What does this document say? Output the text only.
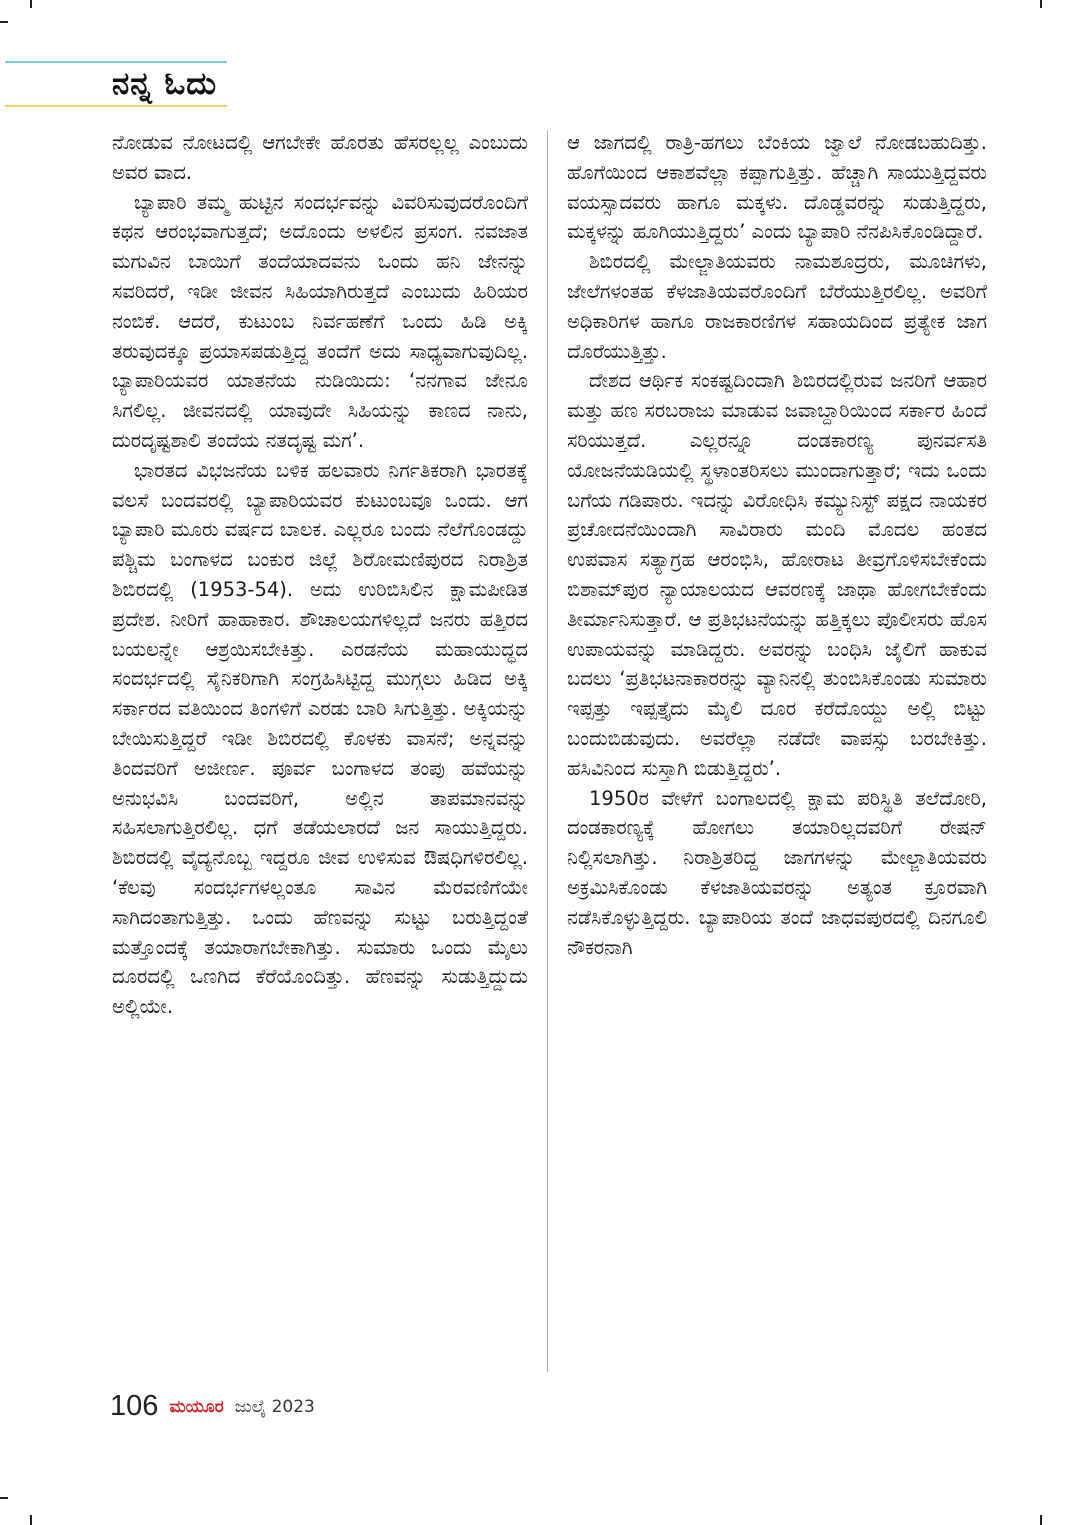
ನನ್ನ ಓದು

ನೋಡುವ ನೋಟದಲ್ಲಿ ಆಗಬೇಕೇ ಹೊರತು ಹೆಸರಲ್ಲಲ್ಲ ಎಂಬುದು ಅವರ ವಾದ.

ಬ್ಯಾಪಾರಿ ತಮ್ಮ ಹುಟ್ಟಿನ ಸಂದರ್ಭವನ್ನು ವಿವರಿಸುವುದರೊಂದಿಗೆ ಕಥನ ಆರಂಭವಾಗುತ್ತದೆ; ಅದೊಂದು ಅಳಲಿನ ಪ್ರಸಂಗ. ನವಜಾತ ಮಗುವಿನ ಬಾಯಿಗೆ ತಂದೆಯಾದವನು ಒಂದು ಹನಿ ಜೇನನ್ನು ಸವರಿದರೆ, ಇಡೀ ಜೀವನ ಸಿಹಿಯಾಗಿರುತ್ತದೆ ಎಂಬುದು ಹಿರಿಯರ ನಂಬಿಕೆ. ಆದರೆ, ಕುಟುಂಬ ನಿರ್ವಹಣೆಗೆ ಒಂದು ಹಿಡಿ ಅಕ್ಕಿ ತರುವುದಕ್ಕೂ ಪ್ರಯಾಸಪಡುತ್ತಿದ್ದ ತಂದೆಗೆ ಅದು ಸಾಧ್ಯವಾಗುವುದಿಲ್ಲ. ಬ್ಯಾಪಾರಿಯವರ ಯಾತನೆಯ ನುಡಿಯಿದು: ‘ನನಗಾವ ಜೇನೂ ಸಿಗಲಿಲ್ಲ. ಜೀವನದಲ್ಲಿ ಯಾವುದೇ ಸಿಹಿಯನ್ನು ಕಾಣದ ನಾನು, ದುರದೃಷ್ಟಶಾಲಿ ತಂದೆಯ ನತದೃಷ್ಟ ಮಗ’.

ಭಾರತದ ವಿಭಜನೆಯ ಬಳಿಕ ಹಲವಾರು ನಿರ್ಗತಿಕರಾಗಿ ಭಾರತಕ್ಕೆ ವಲಸೆ ಬಂದವರಲ್ಲಿ ಬ್ಯಾಪಾರಿಯವರ ಕುಟುಂಬವೂ ಒಂದು. ಆಗ ಬ್ಯಾಪಾರಿ ಮೂರು ವರ್ಷದ ಬಾಲಕ. ಎಲ್ಲರೂ ಬಂದು ನೆಲೆಗೊಂಡದ್ದು ಪಶ್ಚಿಮ ಬಂಗಾಳದ ಬಂಕುರ ಜಿಲ್ಲೆ ಶಿರೋಮಣಿಪುರದ ನಿರಾಶ್ರಿತ ಶಿಬಿರದಲ್ಲಿ (1953-54). ಅದು ಉರಿಬಿಸಿಲಿನ ಕ್ಷಾಮಪೀಡಿತ ಪ್ರದೇಶ. ನೀರಿಗೆ ಹಾಹಾಕಾರ. ಶೌಚಾಲಯಗಳಿಲ್ಲದೆ ಜನರು ಹತ್ತಿರದ ಬಯಲನ್ನೇ ಆಶ್ರಯಿಸಬೇಕಿತ್ತು. ಎರಡನೆಯ ಮಹಾಯುದ್ಧದ ಸಂದರ್ಭದಲ್ಲಿ ಸೈನಿಕರಿಗಾಗಿ ಸಂಗ್ರಹಿಸಿಟ್ಟಿದ್ದ ಮುಗ್ಗಲು ಹಿಡಿದ ಅಕ್ಕಿ ಸರ್ಕಾರದ ವತಿಯಿಂದ ತಿಂಗಳಿಗೆ ಎರಡು ಬಾರಿ ಸಿಗುತ್ತಿತ್ತು. ಅಕ್ಕಿಯನ್ನು ಬೇಯಿಸುತ್ತಿದ್ದರೆ ಇಡೀ ಶಿಬಿರದಲ್ಲಿ ಕೊಳಕು ವಾಸನೆ; ಅನ್ನವನ್ನು ತಿಂದವರಿಗೆ ಅಜೀರ್ಣ. ಪೂರ್ವ ಬಂಗಾಳದ ತಂಪು ಹವೆಯನ್ನು ಅನುಭವಿಸಿ ಬಂದವರಿಗೆ, ಅಲ್ಲಿನ ತಾಪಮಾನವನ್ನು ಸಹಿಸಲಾಗುತ್ತಿರಲಿಲ್ಲ. ಧಗೆ ತಡೆಯಲಾರದೆ ಜನ ಸಾಯುತ್ತಿದ್ದರು. ಶಿಬಿರದಲ್ಲಿ ವೈದ್ಯನೊಬ್ಬ ಇದ್ದರೂ ಜೀವ ಉಳಿಸುವ ಔಷಧಿಗಳಿರಲಿಲ್ಲ. ‘ಕೆಲವು ಸಂದರ್ಭಗಳಲ್ಲಂತೂ ಸಾವಿನ ಮೆರವಣಿಗೆಯೇ ಸಾಗಿದಂತಾಗುತ್ತಿತ್ತು. ಒಂದು ಹೆಣವನ್ನು ಸುಟ್ಟು ಬರುತ್ತಿದ್ದಂತೆ ಮತ್ತೊಂದಕ್ಕೆ ತಯಾರಾಗಬೇಕಾಗಿತ್ತು. ಸುಮಾರು ಒಂದು ಮೈಲು ದೂರದಲ್ಲಿ ಒಣಗಿದ ಕೆರೆಯೊಂದಿತ್ತು. ಹೆಣವನ್ನು ಸುಡುತ್ತಿದ್ದುದು ಅಲ್ಲಿಯೇ.

ಆ ಜಾಗದಲ್ಲಿ ರಾತ್ರಿ-ಹಗಲು ಬೆಂಕಿಯ ಜ್ವಾಲೆ ನೋಡಬಹುದಿತ್ತು. ಹೊಗೆಯಿಂದ ಆಕಾಶವೆಲ್ಲಾ ಕಪ್ಪಾಗುತ್ತಿತ್ತು. ಹೆಚ್ಚಾಗಿ ಸಾಯುತ್ತಿದ್ದವರು ವಯಸ್ಸಾದವರು ಹಾಗೂ ಮಕ್ಕಳು. ದೊಡ್ಡವರನ್ನು ಸುಡುತ್ತಿದ್ದರು, ಮಕ್ಕಳನ್ನು ಹೂಗಿಯುತ್ತಿದ್ದರು’ ಎಂದು ಬ್ಯಾಪಾರಿ ನೆನಪಿಸಿಕೊಂಡಿದ್ದಾರೆ.

ಶಿಬಿರದಲ್ಲಿ ಮೇಲ್ಜಾತಿಯವರು ನಾಮಶೂದ್ರರು, ಮೂಚಿಗಳು, ಜೇಲೆಗಳಂತಹ ಕೆಳಜಾತಿಯವರೊಂದಿಗೆ ಬೆರೆಯುತ್ತಿರಲಿಲ್ಲ. ಅವರಿಗೆ ಅಧಿಕಾರಿಗಳ ಹಾಗೂ ರಾಜಕಾರಣಿಗಳ ಸಹಾಯದಿಂದ ಪ್ರತ್ಯೇಕ ಜಾಗ ದೊರೆಯುತ್ತಿತ್ತು.

ದೇಶದ ಆರ್ಥಿಕ ಸಂಕಷ್ಟದಿಂದಾಗಿ ಶಿಬಿರದಲ್ಲಿರುವ ಜನರಿಗೆ ಆಹಾರ ಮತ್ತು ಹಣ ಸರಬರಾಜು ಮಾಡುವ ಜವಾಬ್ದಾರಿಯಿಂದ ಸರ್ಕಾರ ಹಿಂದೆ ಸರಿಯುತ್ತದೆ. ಎಲ್ಲರನ್ನೂ ದಂಡಕಾರಣ್ಯ ಪುನರ್ವಸತಿ ಯೋಜನೆಯಡಿಯಲ್ಲಿ ಸ್ಥಳಾಂತರಿಸಲು ಮುಂದಾಗುತ್ತಾರೆ; ಇದು ಒಂದು ಬಗೆಯ ಗಡಿಪಾರು. ಇದನ್ನು ವಿರೋಧಿಸಿ ಕಮ್ಯುನಿಸ್ಟ್ ಪಕ್ಷದ ನಾಯಕರ ಪ್ರಚೋದನೆಯಿಂದಾಗಿ ಸಾವಿರಾರು ಮಂದಿ ಮೊದಲ ಹಂತದ ಉಪವಾಸ ಸತ್ಯಾಗ್ರಹ ಆರಂಭಿಸಿ, ಹೋರಾಟ ತೀವ್ರಗೊಳಿಸಬೇಕೆಂದು ಬಿಶಾಮ್‌ಪುರ ನ್ಯಾಯಾಲಯದ ಆವರಣಕ್ಕೆ ಜಾಥಾ ಹೋಗಬೇಕೆಂದು ತೀರ್ಮಾನಿಸುತ್ತಾರೆ. ಆ ಪ್ರತಿಭಟನೆಯನ್ನು ಹತ್ತಿಕ್ಕಲು ಪೊಲೀಸರು ಹೊಸ ಉಪಾಯವನ್ನು ಮಾಡಿದ್ದರು. ಅವರನ್ನು ಬಂಧಿಸಿ ಜೈಲಿಗೆ ಹಾಕುವ ಬದಲು ‘ಪ್ರತಿಭಟನಾಕಾರರನ್ನು ವ್ಯಾನಿನಲ್ಲಿ ತುಂಬಿಸಿಕೊಂಡು ಸುಮಾರು ಇಪ್ಪತ್ತು ಇಪ್ಪತ್ತೈದು ಮೈಲಿ ದೂರ ಕರೆದೊಯ್ದು ಅಲ್ಲಿ ಬಿಟ್ಟು ಬಂದುಬಿಡುವುದು. ಅವರೆಲ್ಲಾ ನಡೆದೇ ವಾಪಸ್ಸು ಬರಬೇಕಿತ್ತು. ಹಸಿವಿನಿಂದ ಸುಸ್ತಾಗಿ ಬಿಡುತ್ತಿದ್ದರು’.

1950ರ ವೇಳೆಗೆ ಬಂಗಾಲದಲ್ಲಿ ಕ್ಷಾಮ ಪರಿಸ್ಥಿತಿ ತಲೆದೋರಿ, ದಂಡಕಾರಣ್ಯಕ್ಕೆ ಹೋಗಲು ತಯಾರಿಲ್ಲದವರಿಗೆ ರೇಷನ್ ನಿಲ್ಲಿಸಲಾಗಿತ್ತು. ನಿರಾಶ್ರಿತರಿದ್ದ ಜಾಗಗಳನ್ನು ಮೇಲ್ಜಾತಿಯವರು ಅಕ್ರಮಿಸಿಕೊಂಡು ಕೆಳಜಾತಿಯವರನ್ನು ಅತ್ಯಂತ ಕ್ರೂರವಾಗಿ ನಡೆಸಿಕೊಳ್ಳುತ್ತಿದ್ದರು. ಬ್ಯಾಪಾರಿಯ ತಂದೆ ಜಾಧವಪುರದಲ್ಲಿ ದಿನಗೂಲಿ ನೌಕರನಾಗಿ

106 ಮಯೂರ ಜುಲೈ 2023
